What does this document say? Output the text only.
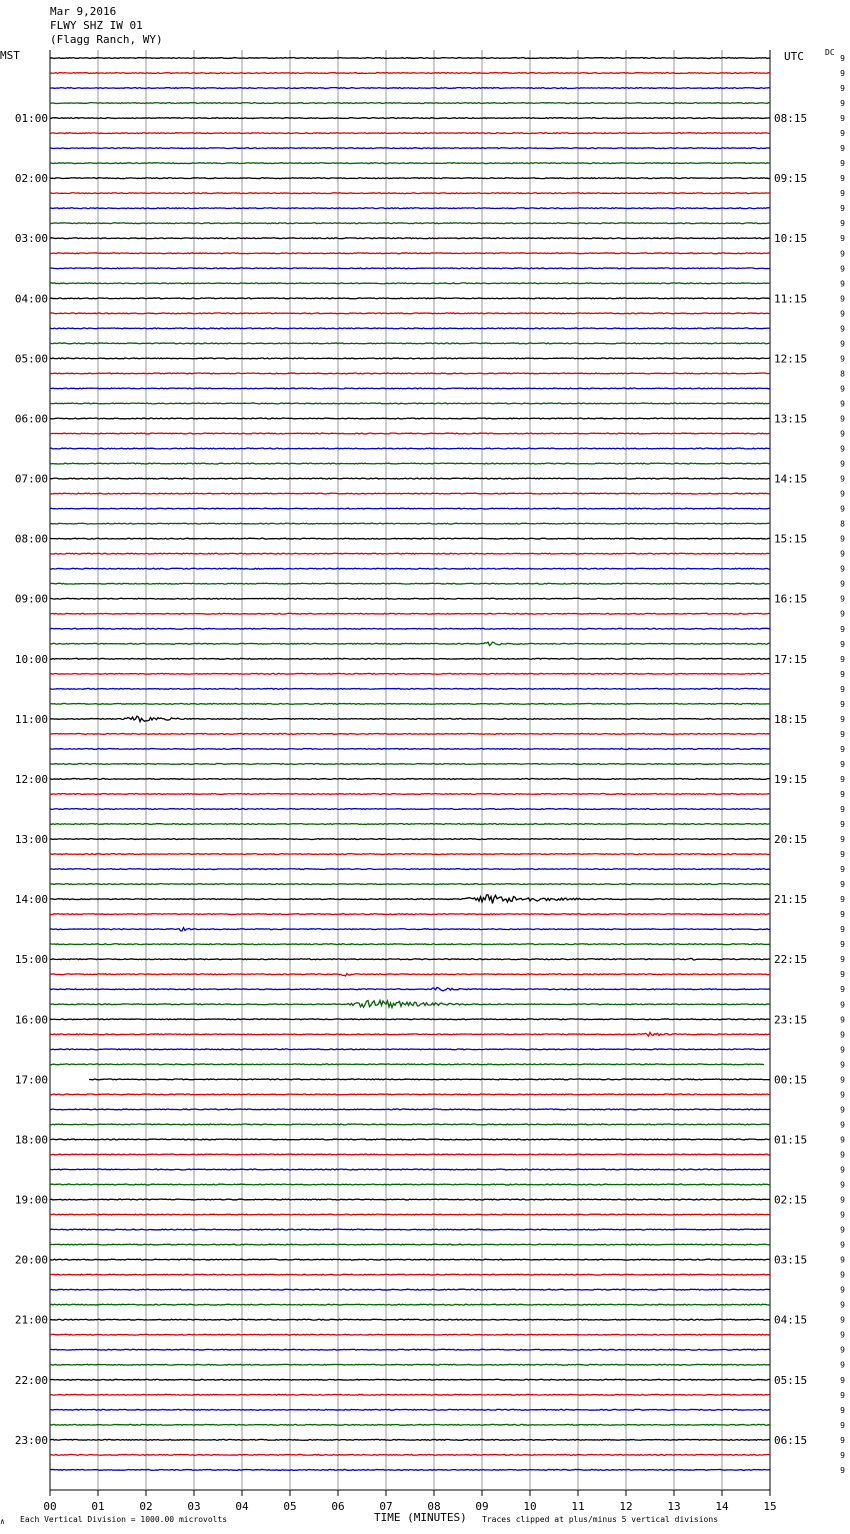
Mar 9,2016
FLWY SHZ IW 01
(Flagg Ranch, WY)
MST	UTC	DC
00	01	02	03	04	05	06	07	08	09	10	11	12	13	14	15
01:00
02:00
03:00
04:00
05:00
06:00
07:00
08:00
09:00
10:00
11:00
12:00
13:00
14:00
15:00
16:00
17:00
18:00
19:00
20:00
21:00
22:00
23:00
08:15
09:15
10:15
11:15
12:15
13:15
14:15
15:15
16:15
17:15
18:15
19:15
20:15
21:15
22:15
23:15
00:15
01:15
02:15
03:15
04:15
05:15
06:15
9
9
9
9
9
9
9
9
9
9
9
9
9
9
9
9
9
9
9
9
9
8
9
9
9
9
9
9
9
9
9
8
9
9
9
9
9
9
9
9
9
9
9
9
9
9
9
9
9
9
9
9
9
9
9
9
9
9
9
9
9
9
9
9
9
9
9
9
9
9
9
9
9
9
9
9
9
9
9
9
9
9
9
9
9
9
9
9
9
9
9
9
9
9
9
∧ Each Vertical Division = 1000.00 microvolts	TIME (MINUTES) Traces clipped at plus/minus 5 vertical divisions
